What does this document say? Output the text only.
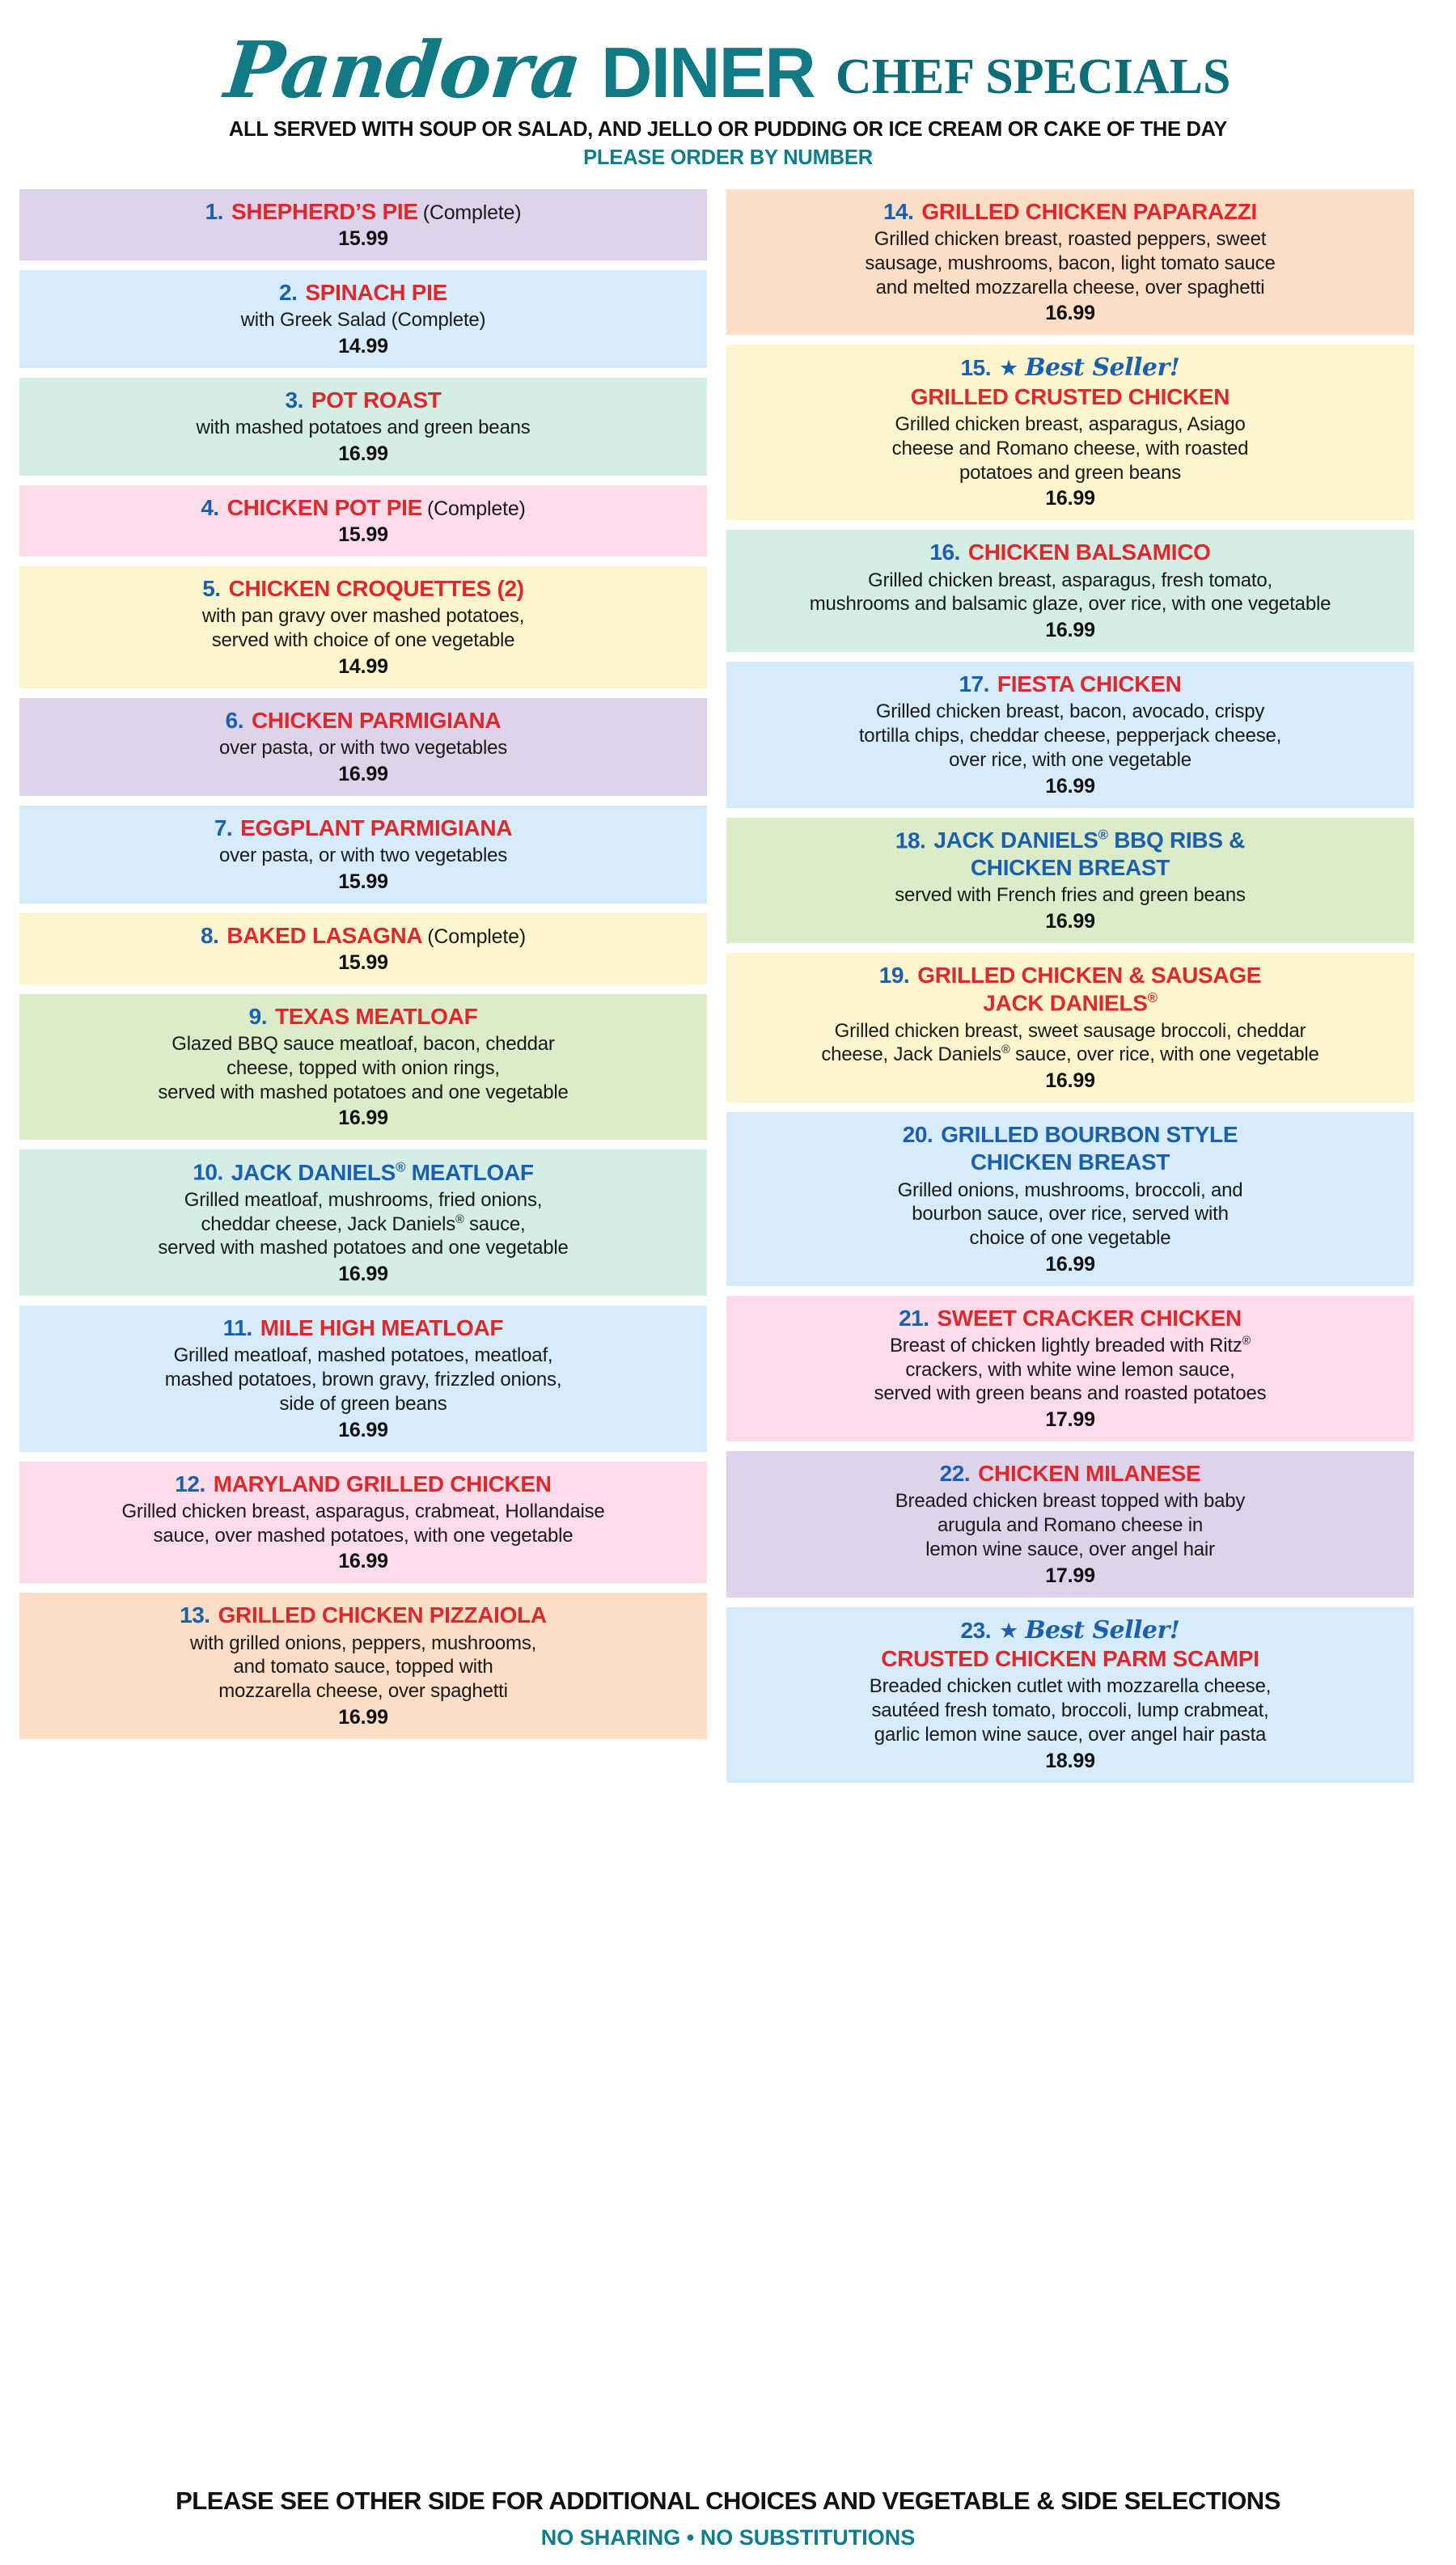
Pandora DINER CHEF SPECIALS
ALL SERVED WITH SOUP OR SALAD, AND JELLO OR PUDDING OR ICE CREAM OR CAKE OF THE DAY
PLEASE ORDER BY NUMBER
1. SHEPHERD’S PIE (Complete)
15.99
2. SPINACH PIE
with Greek Salad (Complete)
14.99
3. POT ROAST
with mashed potatoes and green beans
16.99
4. CHICKEN POT PIE (Complete)
15.99
5. CHICKEN CROQUETTES (2)
with pan gravy over mashed potatoes,
served with choice of one vegetable
14.99
6. CHICKEN PARMIGIANA
over pasta, or with two vegetables
16.99
7. EGGPLANT PARMIGIANA
over pasta, or with two vegetables
15.99
8. BAKED LASAGNA (Complete)
15.99
9. TEXAS MEATLOAF
Glazed BBQ sauce meatloaf, bacon, cheddar
cheese, topped with onion rings,
served with mashed potatoes and one vegetable
16.99
10. JACK DANIELS® MEATLOAF
Grilled meatloaf, mushrooms, fried onions,
cheddar cheese, Jack Daniels® sauce,
served with mashed potatoes and one vegetable
16.99
11. MILE HIGH MEATLOAF
Grilled meatloaf, mashed potatoes, meatloaf,
mashed potatoes, brown gravy, frizzled onions,
side of green beans
16.99
12. MARYLAND GRILLED CHICKEN
Grilled chicken breast, asparagus, crabmeat, Hollandaise
sauce, over mashed potatoes, with one vegetable
16.99
13. GRILLED CHICKEN PIZZAIOLA
with grilled onions, peppers, mushrooms,
and tomato sauce, topped with
mozzarella cheese, over spaghetti
16.99
14. GRILLED CHICKEN PAPARAZZI
Grilled chicken breast, roasted peppers, sweet
sausage, mushrooms, bacon, light tomato sauce
and melted mozzarella cheese, over spaghetti
16.99
15. ★ Best Seller!
GRILLED CRUSTED CHICKEN
Grilled chicken breast, asparagus, Asiago
cheese and Romano cheese, with roasted
potatoes and green beans
16.99
16. CHICKEN BALSAMICO
Grilled chicken breast, asparagus, fresh tomato,
mushrooms and balsamic glaze, over rice, with one vegetable
16.99
17. FIESTA CHICKEN
Grilled chicken breast, bacon, avocado, crispy
tortilla chips, cheddar cheese, pepperjack cheese,
over rice, with one vegetable
16.99
18. JACK DANIELS® BBQ RIBS &
CHICKEN BREAST
served with French fries and green beans
16.99
19. GRILLED CHICKEN & SAUSAGE
JACK DANIELS®
Grilled chicken breast, sweet sausage broccoli, cheddar
cheese, Jack Daniels® sauce, over rice, with one vegetable
16.99
20. GRILLED BOURBON STYLE
CHICKEN BREAST
Grilled onions, mushrooms, broccoli, and
bourbon sauce, over rice, served with
choice of one vegetable
16.99
21. SWEET CRACKER CHICKEN
Breast of chicken lightly breaded with Ritz®
crackers, with white wine lemon sauce,
served with green beans and roasted potatoes
17.99
22. CHICKEN MILANESE
Breaded chicken breast topped with baby
arugula and Romano cheese in
lemon wine sauce, over angel hair
17.99
23. ★ Best Seller!
CRUSTED CHICKEN PARM SCAMPI
Breaded chicken cutlet with mozzarella cheese,
sautéed fresh tomato, broccoli, lump crabmeat,
garlic lemon wine sauce, over angel hair pasta
18.99
PLEASE SEE OTHER SIDE FOR ADDITIONAL CHOICES AND VEGETABLE & SIDE SELECTIONS
NO SHARING • NO SUBSTITUTIONS
